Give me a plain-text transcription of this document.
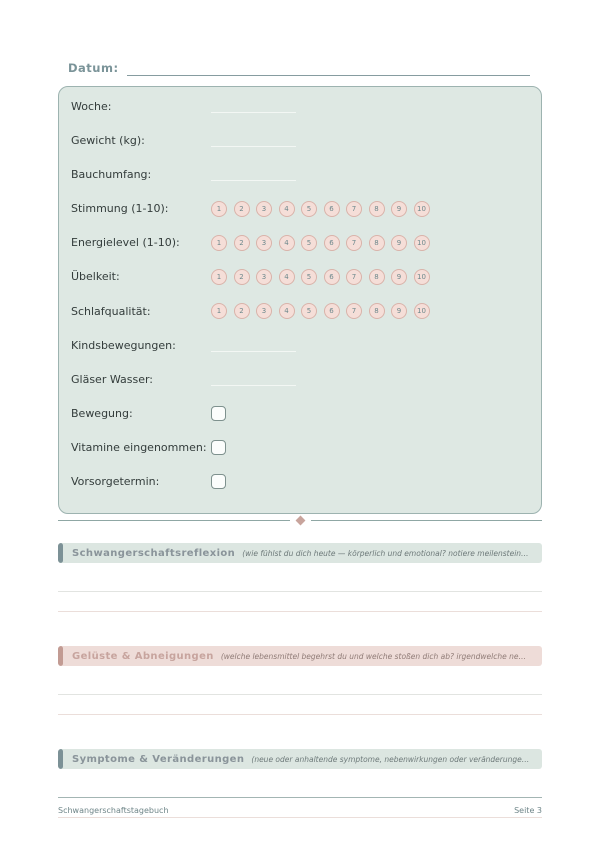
Datum:
Woche:
Gewicht (kg):
Bauchumfang:
Stimmung (1-10):	1	2	3	4	5	6	7	8	9	10
Energielevel (1-10):	1	2	3	4	5	6	7	8	9	10
Übelkeit:	1	2	3	4	5	6	7	8	9	10
Schlafqualität:	1	2	3	4	5	6	7	8	9	10
Kindsbewegungen:
Gläser Wasser:
Bewegung:
Vitamine eingenommen:
Vorsorgetermin:
Schwangerschaftsreflexion (wie fühlst du dich heute — körperlich und emotional? notiere meilenstein…
Gelüste & Abneigungen (welche lebensmittel begehrst du und welche stoßen dich ab? irgendwelche ne…
Symptome & Veränderungen (neue oder anhaltende symptome, nebenwirkungen oder veränderunge…
Schwangerschaftstagebuch	Seite 3
